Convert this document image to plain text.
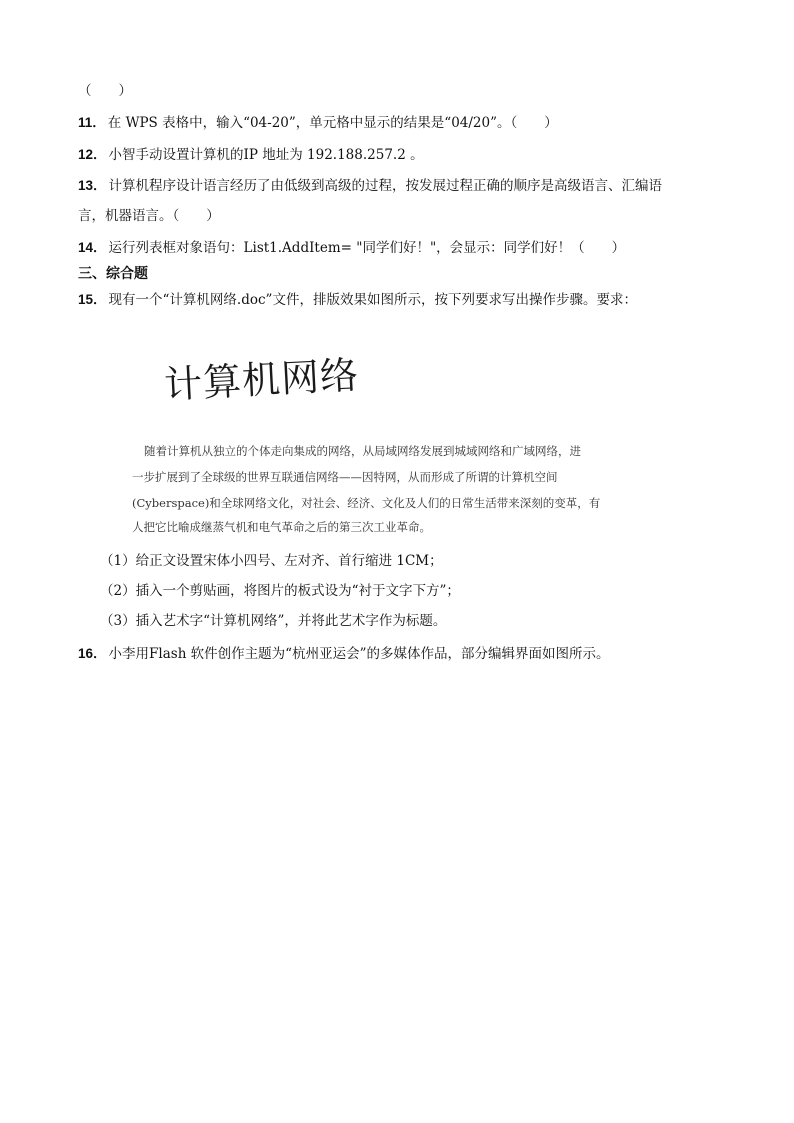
（　　）
11． 在 WPS 表格中，输入“04-20”，单元格中显示的结果是“04/20”。（　　）
12． 小智手动设置计算机的IP 地址为 192.188.257.2 。
13． 计算机程序设计语言经历了由低级到高级的过程，按发展过程正确的顺序是高级语言、汇编语
言，机器语言。（　　）
14． 运行列表框对象语句：List1.AddItem= "同学们好！"，会显示：同学们好！（　　）
三、综合题
15． 现有一个“计算机网络.doc”文件，排版效果如图所示，按下列要求写出操作步骤。要求：
计算机网络
随着计算机从独立的个体走向集成的网络，从局域网络发展到城域网络和广域网络，进
一步扩展到了全球级的世界互联通信网络——因特网，从而形成了所谓的计算机空间
(Cyberspace)和全球网络文化，对社会、经济、文化及人们的日常生活带来深刻的变革，有
人把它比喻成继蒸气机和电气革命之后的第三次工业革命。
（1）给正文设置宋体小四号、左对齐、首行缩进 1CM；
（2）插入一个剪贴画，将图片的板式设为“衬于文字下方”；
（3）插入艺术字“计算机网络”，并将此艺术字作为标题。
16． 小李用Flash 软件创作主题为“杭州亚运会”的多媒体作品，部分编辑界面如图所示。
